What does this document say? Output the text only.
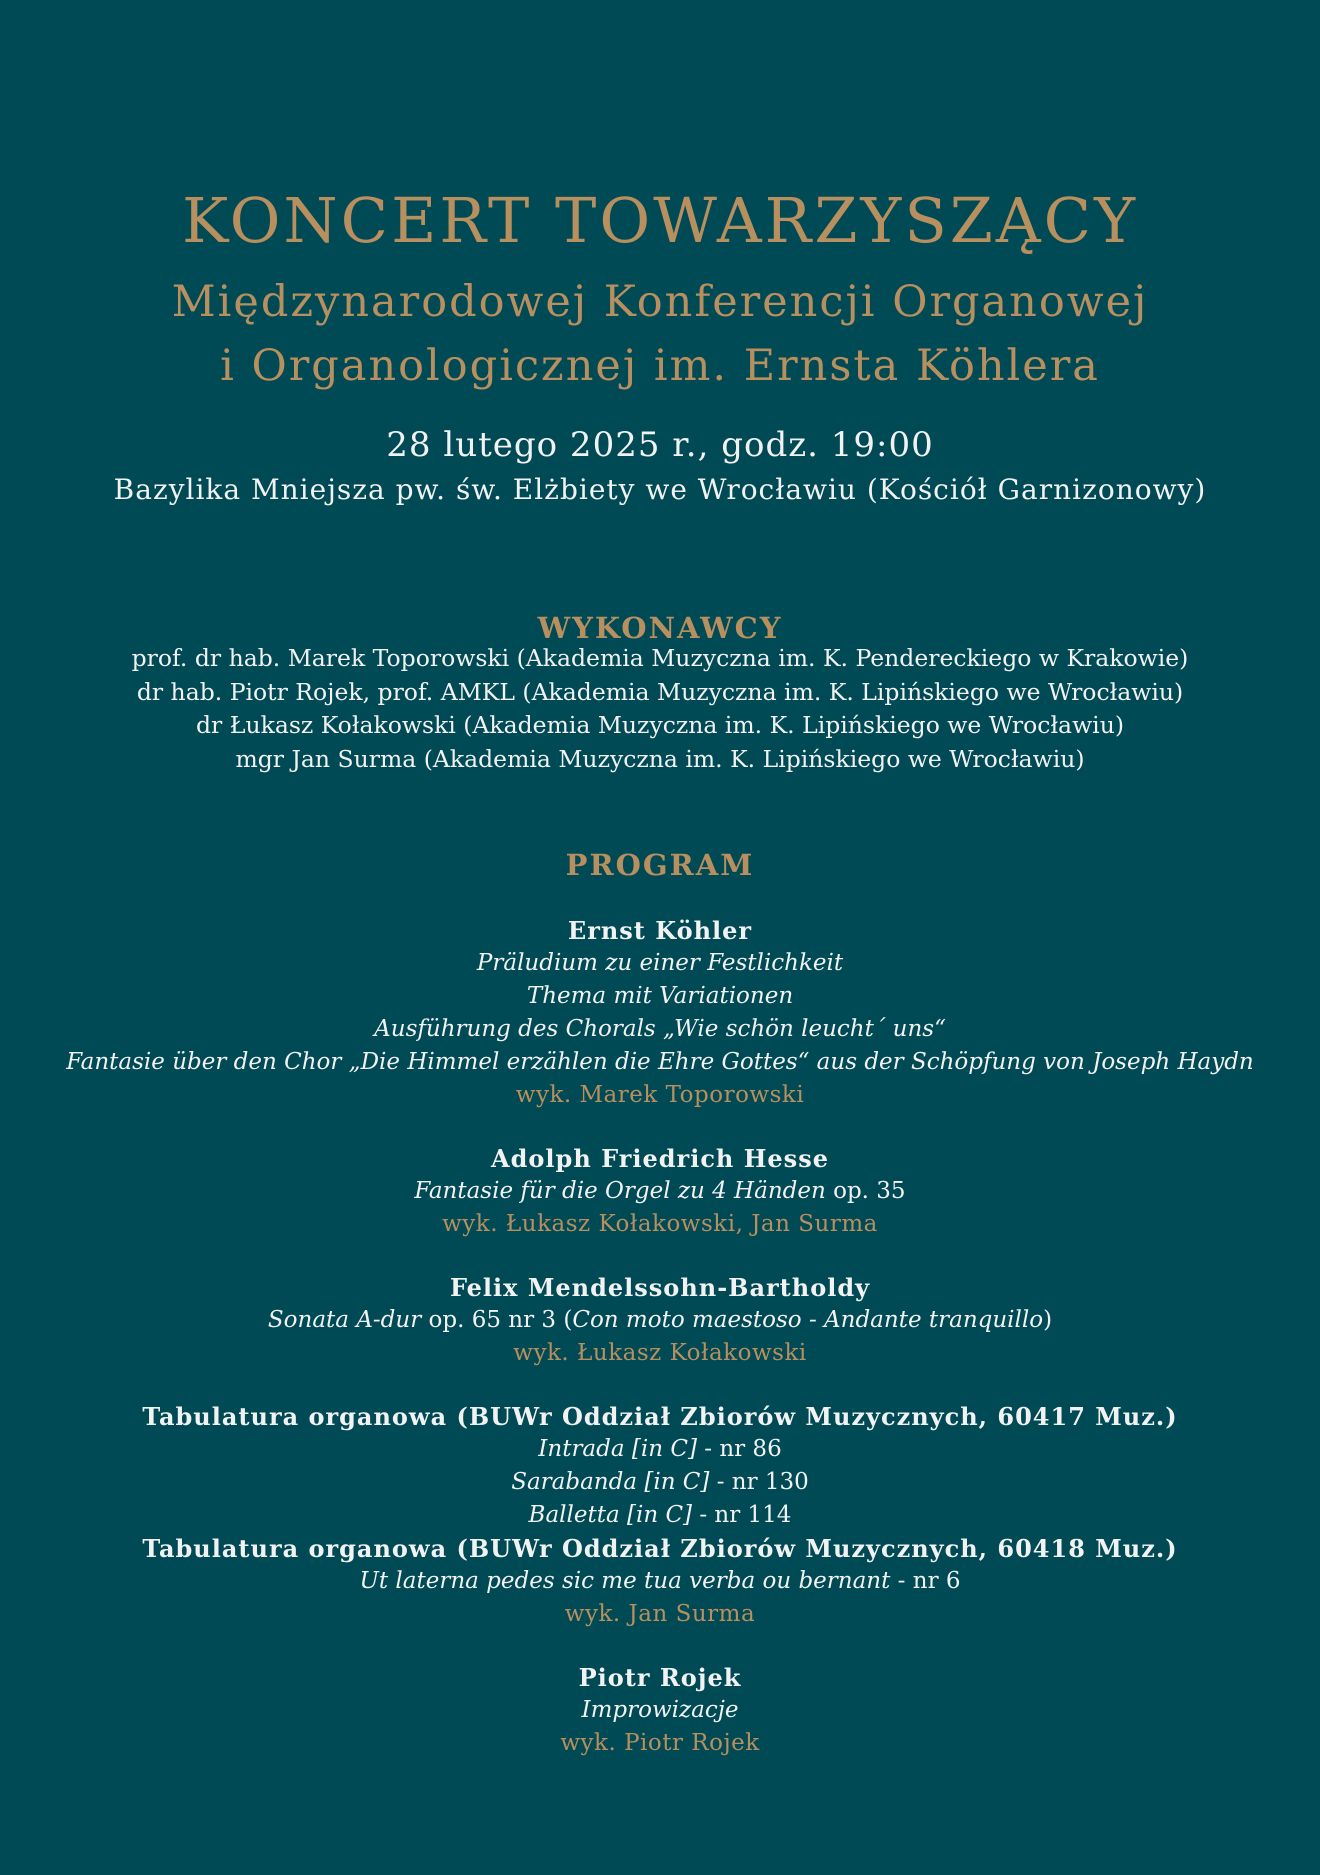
KONCERT TOWARZYSZĄCY
Międzynarodowej Konferencji Organowej
i Organologicznej im. Ernsta Köhlera
28 lutego 2025 r., godz. 19:00
Bazylika Mniejsza pw. św. Elżbiety we Wrocławiu (Kościół Garnizonowy)
WYKONAWCY
prof. dr hab. Marek Toporowski (Akademia Muzyczna im. K. Pendereckiego w Krakowie)
dr hab. Piotr Rojek, prof. AMKL (Akademia Muzyczna im. K. Lipińskiego we Wrocławiu)
dr Łukasz Kołakowski (Akademia Muzyczna im. K. Lipińskiego we Wrocławiu)
mgr Jan Surma (Akademia Muzyczna im. K. Lipińskiego we Wrocławiu)
PROGRAM
Ernst Köhler
Präludium zu einer Festlichkeit
Thema mit Variationen
Ausführung des Chorals „Wie schön leucht´ uns“
Fantasie über den Chor „Die Himmel erzählen die Ehre Gottes“ aus der Schöpfung von Joseph Haydn
wyk. Marek Toporowski
Adolph Friedrich Hesse
Fantasie für die Orgel zu 4 Händen op. 35
wyk. Łukasz Kołakowski, Jan Surma
Felix Mendelssohn-Bartholdy
Sonata A-dur op. 65 nr 3 (Con moto maestoso - Andante tranquillo)
wyk. Łukasz Kołakowski
Tabulatura organowa (BUWr Oddział Zbiorów Muzycznych, 60417 Muz.)
Intrada [in C] - nr 86
Sarabanda [in C] - nr 130
Balletta [in C] - nr 114
Tabulatura organowa (BUWr Oddział Zbiorów Muzycznych, 60418 Muz.)
Ut laterna pedes sic me tua verba ou bernant - nr 6
wyk. Jan Surma
Piotr Rojek
Improwizacje
wyk. Piotr Rojek
